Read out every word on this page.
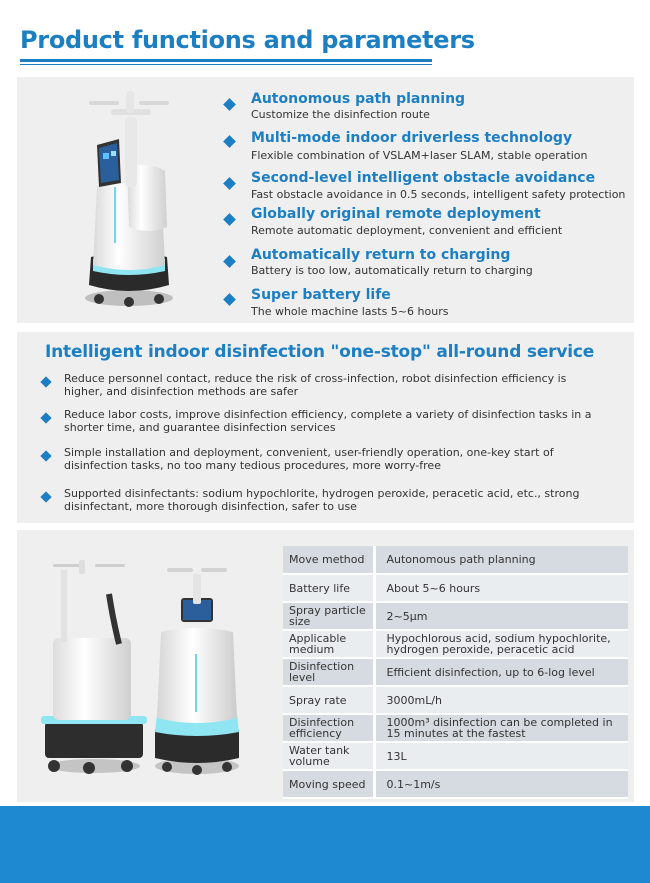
Product functions and parameters
Autonomous path planning
Customize the disinfection route
Multi-mode indoor driverless technology
Flexible combination of VSLAM+laser SLAM, stable operation
Second-level intelligent obstacle avoidance
Fast obstacle avoidance in 0.5 seconds, intelligent safety protection
Globally original remote deployment
Remote automatic deployment, convenient and efficient
Automatically return to charging
Battery is too low, automatically return to charging
Super battery life
The whole machine lasts 5~6 hours
Intelligent indoor disinfection "one-stop" all-round service
Reduce personnel contact, reduce the risk of cross-infection, robot disinfection efficiency is higher, and disinfection methods are safer
Reduce labor costs, improve disinfection efficiency, complete a variety of disinfection tasks in a shorter time, and guarantee disinfection services
Simple installation and deployment, convenient, user-friendly operation, one-key start of disinfection tasks, no too many tedious procedures, more worry-free
Supported disinfectants: sodium hypochlorite, hydrogen peroxide, peracetic acid, etc., strong disinfectant, more thorough disinfection, safer to use
Move method	Autonomous path planning
Battery life	About 5~6 hours
Spray particle size	2~5μm
Applicable medium	Hypochlorous acid, sodium hypochlorite, hydrogen peroxide, peracetic acid
Disinfection level	Efficient disinfection, up to 6-log level
Spray rate	3000mL/h
Disinfection efficiency	1000m³ disinfection can be completed in 15 minutes at the fastest
Water tank volume	13L
Moving speed	0.1~1m/s
